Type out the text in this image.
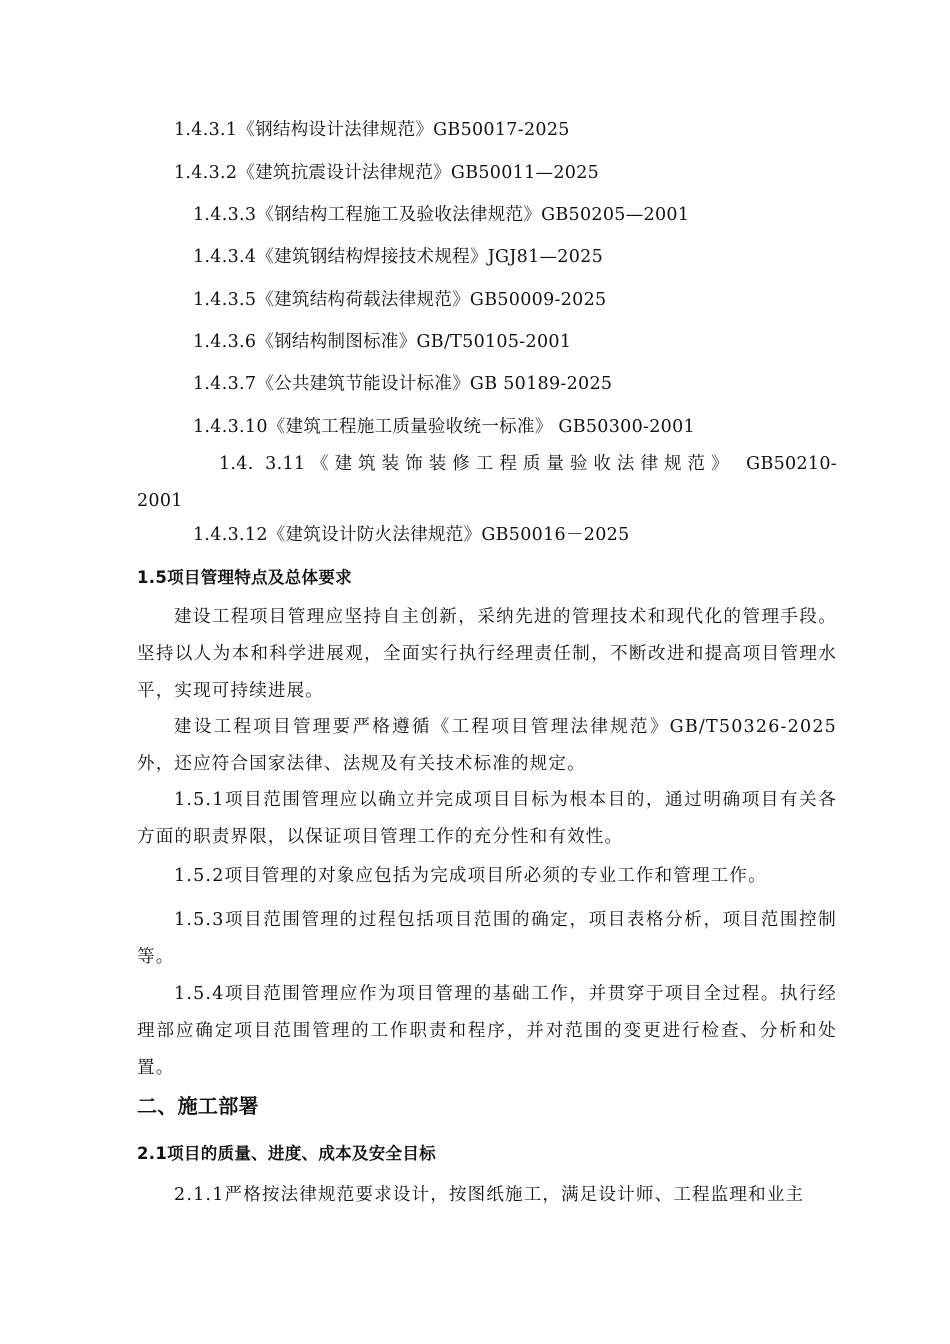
1.4.3.1《钢结构设计法律规范》GB50017-2025
1.4.3.2《建筑抗震设计法律规范》GB50011—2025
1.4.3.3《钢结构工程施工及验收法律规范》GB50205—2001
1.4.3.4《建筑钢结构焊接技术规程》JGJ81—2025
1.4.3.5《建筑结构荷载法律规范》GB50009-2025
1.4.3.6《钢结构制图标准》GB/T50105-2001
1.4.3.7《公共建筑节能设计标准》GB 50189-2025
1.4.3.10《建筑工程施工质量验收统一标准》 GB50300-2001
1.4. 3.11《建筑装饰装修工程质量验收法律规范》 GB50210-
2001
1.4.3.12《建筑设计防火法律规范》GB50016－2025
1.5项目管理特点及总体要求
建设工程项目管理应坚持自主创新，采纳先进的管理技术和现代化的管理手段。坚持以人为本和科学进展观，全面实行执行经理责任制，不断改进和提高项目管理水平，实现可持续进展。
建设工程项目管理要严格遵循《工程项目管理法律规范》GB/T50326-2025外，还应符合国家法律、法规及有关技术标准的规定。
1.5.1项目范围管理应以确立并完成项目目标为根本目的，通过明确项目有关各方面的职责界限，以保证项目管理工作的充分性和有效性。
1.5.2项目管理的对象应包括为完成项目所必须的专业工作和管理工作。
1.5.3项目范围管理的过程包括项目范围的确定，项目表格分析，项目范围控制等。
1.5.4项目范围管理应作为项目管理的基础工作，并贯穿于项目全过程。执行经理部应确定项目范围管理的工作职责和程序，并对范围的变更进行检查、分析和处置。
二、施工部署
2.1项目的质量、进度、成本及安全目标
2.1.1严格按法律规范要求设计，按图纸施工，满足设计师、工程监理和业主
